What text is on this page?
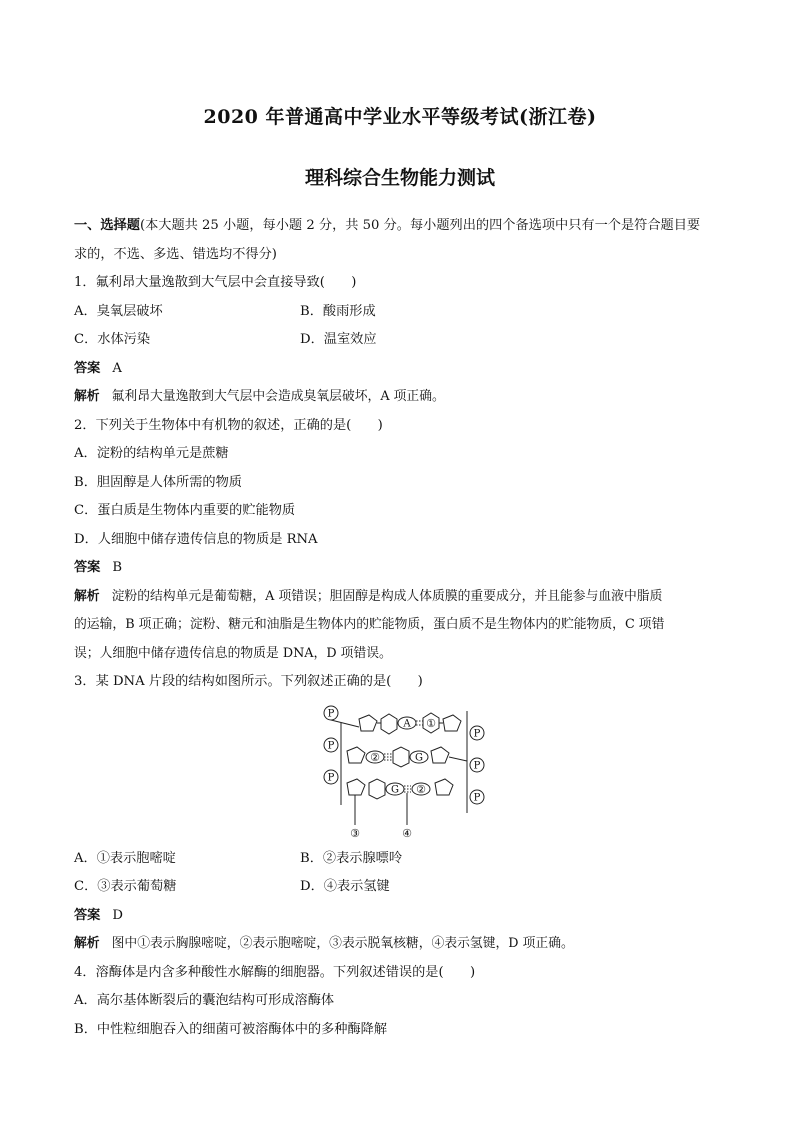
2020 年普通高中学业水平等级考试(浙江卷)
理科综合生物能力测试
一、选择题(本大题共 25 小题，每小题 2 分，共 50 分。每小题列出的四个备选项中只有一个是符合题目要
求的，不选、多选、错选均不得分)
1．氟利昂大量逸散到大气层中会直接导致(　　)
A．臭氧层破坏	B．酸雨形成
C．水体污染	D．温室效应
答案 A
解析 氟利昂大量逸散到大气层中会造成臭氧层破坏，A 项正确。
2．下列关于生物体中有机物的叙述，正确的是(　　)
A．淀粉的结构单元是蔗糖
B．胆固醇是人体所需的物质
C．蛋白质是生物体内重要的贮能物质
D．人细胞中储存遗传信息的物质是 RNA
答案 B
解析 淀粉的结构单元是葡萄糖，A 项错误；胆固醇是构成人体质膜的重要成分，并且能参与血液中脂质
的运输，B 项正确；淀粉、糖元和油脂是生物体内的贮能物质，蛋白质不是生物体内的贮能物质，C 项错
误；人细胞中储存遗传信息的物质是 DNA，D 项错误。
3．某 DNA 片段的结构如图所示。下列叙述正确的是(　　)
P
A ①
P
P
②	G
P
P
G ②
P
③	④
A．①表示胞嘧啶	B．②表示腺嘌呤
C．③表示葡萄糖	D．④表示氢键
答案 D
解析 图中①表示胸腺嘧啶，②表示胞嘧啶，③表示脱氧核糖，④表示氢键，D 项正确。
4．溶酶体是内含多种酸性水解酶的细胞器。下列叙述错误的是(　　)
A．高尔基体断裂后的囊泡结构可形成溶酶体
B．中性粒细胞吞入的细菌可被溶酶体中的多种酶降解
